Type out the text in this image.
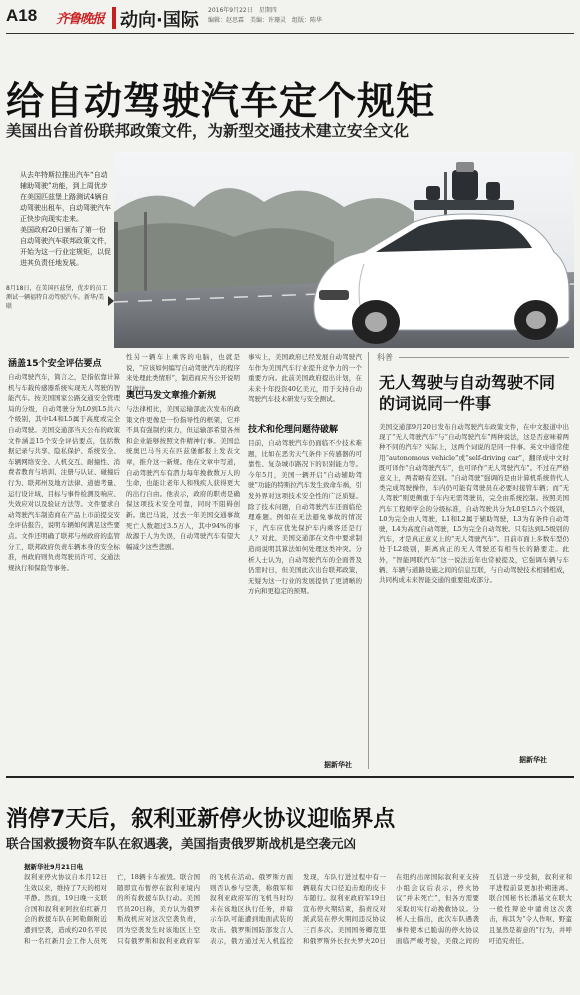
A18 齐鲁晚报 动向·国际 2016年9月22日　星期四
编辑：赵思霖　美编：许珊灵　组版：陈华
给自动驾驶汽车定个规矩
美国出台首份联邦政策文件，为新型交通技术建立安全文化

从去年特斯拉推出汽车“自动辅助驾驶”功能，到上周优步在美国匹兹堡上路测试4辆自动驾驶出租车，自动驾驶汽车正快步向现实走来。

美国政府20日颁布了第一份自动驾驶汽车联邦政策文件，开始为这一行业定规矩，以促进其负责任地发展。

8月18日，在美国匹兹堡，优步的员工测试一辆福特自动驾驶汽车。新华/美联
涵盖15个安全评估要点
自动驾驶汽车，简言之，是指依靠计算机与车载传感器系统实现无人驾驶的智能汽车。按美国国家公路交通安全管理局的分级，自动驾驶分为L0到L5共六个级别，其中L4和L5属于高度或完全自动驾驶。美国交通部当天公布的政策文件涵盖15个安全评估要点，包括数据记录与共享、隐私保护、系统安全、车辆网络安全、人机交互、耐撞性、消费者教育与培训、注册与认证、碰撞后行为、联邦州及地方法律、道德考量、运行设计域、目标与事件检测及响应、失效应对以及验证方法等。文件要求自动驾驶汽车制造商在产品上市前提交安全评估报告，说明车辆如何满足这些要点。文件还明确了联邦与州政府的监管分工，联邦政府负责车辆本身的安全标准，州政府则负责驾驶员许可、交通法规执行和保险等事务。
性另一辆车上乘客的电脑，也就是说，“应该如何编写自动驾驶汽车的程序来处理此类情形”，制造商应当公开说明其做法。
奥巴马发文章推介新规
与法律相比，美国运输部此次发布的政策文件更像是一份指导性的框架，它并不具有强制约束力，但运输部希望各州和企业能够按照文件精神行事。美国总统奥巴马当天在匹兹堡邮报上发表文章，推介这一新规。他在文章中写道，自动驾驶汽车有潜力每年挽救数万人的生命，也能让老年人和残疾人获得更大的出行自由。他表示，政府的职责是确保这项技术安全可靠，同时不阻碍创新。奥巴马说，过去一年美国交通事故死亡人数超过3.5万人，其中94%的事故源于人为失误，自动驾驶汽车有望大幅减少这些悲剧。
事实上，美国政府已经发展自动驾驶汽车作为美国汽车行业提升竞争力的一个重要方向。此前美国政府提出计划，在未来十年投资40亿美元，用于支持自动驾驶汽车技术研发与安全测试。
技术和伦理问题待破解
目前，自动驾驶汽车仍面临不少技术难题，比如在恶劣天气条件下传感器的可靠性、复杂城市路况下的识别能力等。今年5月，美国一辆开启“自动辅助驾驶”功能的特斯拉汽车发生致命车祸，引发外界对这项技术安全性的广泛质疑。除了技术问题，自动驾驶汽车还面临伦理难题。例如在无法避免事故的情况下，汽车应优先保护车内乘客还是行人？对此，美国交通部在文件中要求制造商说明其算法如何处理这类冲突。分析人士认为，自动驾驶汽车的全面普及仍需时日，但美国此次出台联邦政策，无疑为这一行业的发展提供了更清晰的方向和更稳定的预期。
据新华社
科普
无人驾驶与自动驾驶不同的词说同一件事
美国交通部9月20日发布自动驾驶汽车政策文件，在中文报道中出现了“无人驾驶汽车”与“自动驾驶汽车”两种说法，这是否意味着两种不同的汽车？实际上，这两个词说的是同一件事。英文中通常使用“autonomous vehicle”或“self-driving car”，翻译成中文时既可译作“自动驾驶汽车”，也可译作“无人驾驶汽车”。不过在严格意义上，两者略有差别。“自动驾驶”强调的是由计算机系统替代人类完成驾驶操作，车内仍可能有驾驶员在必要时接管车辆；而“无人驾驶”则更侧重于车内无需驾驶员，完全由系统控制。按照美国汽车工程师学会的分级标准，自动驾驶共分为L0至L5六个级别，L0为完全由人驾驶，L1和L2属于辅助驾驶，L3为有条件自动驾驶，L4为高度自动驾驶，L5为完全自动驾驶。只有达到L5级别的汽车，才是真正意义上的“无人驾驶汽车”。目前市面上多数车型仍处于L2级别，距离真正的无人驾驶还有相当长的路要走。此外，“智能网联汽车”这一说法近年也常被提及，它强调车辆与车辆、车辆与道路设施之间的信息互联，与自动驾驶技术相辅相成，共同构成未来智能交通的重要组成部分。
据新华社
消停7天后，叙利亚新停火协议迎临界点
联合国救援物资车队在叙遇袭，美国指责俄罗斯战机是空袭元凶
据新华社9月21日电
叙利亚停火协议自本月12日生效以来，维持了7天的相对平静。然而，19日晚一支联合国和叙利亚阿拉伯红新月会的救援车队在阿勒颇附近遭到空袭，造成约20名平民和一名红新月会工作人员死亡，18辆卡车被毁。联合国随即宣布暂停在叙利亚境内的所有救援车队行动。美国官员20日称，美方认为俄罗斯战机应对这次空袭负责，因为空袭发生时该地区上空只有俄罗斯和叙利亚政府军的飞机在活动。俄罗斯方面则否认参与空袭，称俄军和叙利亚政府军的飞机当时均未在该地区执行任务，并暗示车队可能遭到地面武装的攻击。俄罗斯国防部发言人表示，俄方通过无人机监控发现，车队行进过程中有一辆载有大口径迫击炮的皮卡车随行。叙利亚政府军19日宣布停火期结束，指责反对派武装在停火期间违反协议三百多次。美国国务卿克里和俄罗斯外长拉夫罗夫20日在纽约出席国际叙利亚支持小组会议后表示，停火协议“并未死亡”，但各方需要采取切实行动挽救协议。分析人士指出，此次车队遇袭事件使本已脆弱的停火协议面临严峻考验，美俄之间的互信进一步受损，叙利亚和平进程前景更加扑朔迷离。联合国秘书长潘基文在联大一般性辩论中谴责这次袭击，称其为“令人作呕、野蛮且显然是蓄意的”行为，并呼吁追究责任。
